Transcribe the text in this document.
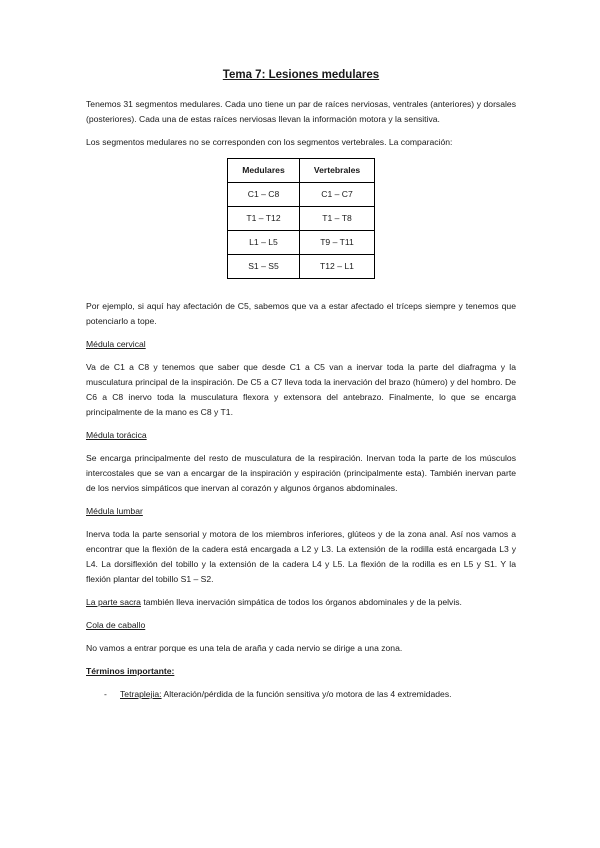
Tema 7: Lesiones medulares

Tenemos 31 segmentos medulares. Cada uno tiene un par de raíces nerviosas, ventrales (anteriores) y dorsales (posteriores). Cada una de estas raíces nerviosas llevan la información motora y la sensitiva.

Los segmentos medulares no se corresponden con los segmentos vertebrales. La comparación:

Medulares	Vertebrales
C1 – C8	C1 – C7
T1 – T12	T1 – T8
L1 – L5	T9 – T11
S1 – S5	T12 – L1

Por ejemplo, si aquí hay afectación de C5, sabemos que va a estar afectado el tríceps siempre y tenemos que potenciarlo a tope.

Médula cervical

Va de C1 a C8 y tenemos que saber que desde C1 a C5 van a inervar toda la parte del diafragma y la musculatura principal de la inspiración. De C5 a C7 lleva toda la inervación del brazo (húmero) y del hombro. De C6 a C8 inervo toda la musculatura flexora y extensora del antebrazo. Finalmente, lo que se encarga principalmente de la mano es C8 y T1.

Médula torácica

Se encarga principalmente del resto de musculatura de la respiración. Inervan toda la parte de los músculos intercostales que se van a encargar de la inspiración y espiración (principalmente esta). También inervan parte de los nervios simpáticos que inervan al corazón y algunos órganos abdominales.

Médula lumbar

Inerva toda la parte sensorial y motora de los miembros inferiores, glúteos y de la zona anal. Así nos vamos a encontrar que la flexión de la cadera está encargada a L2 y L3. La extensión de la rodilla está encargada L3 y L4. La dorsiflexión del tobillo y la extensión de la cadera L4 y L5. La flexión de la rodilla es en L5 y S1. Y la flexión plantar del tobillo S1 – S2.

La parte sacra también lleva inervación simpática de todos los órganos abdominales y de la pelvis.

Cola de caballo

No vamos a entrar porque es una tela de araña y cada nervio se dirige a una zona.

Términos importante:
- Tetraplejia: Alteración/pérdida de la función sensitiva y/o motora de las 4 extremidades.
